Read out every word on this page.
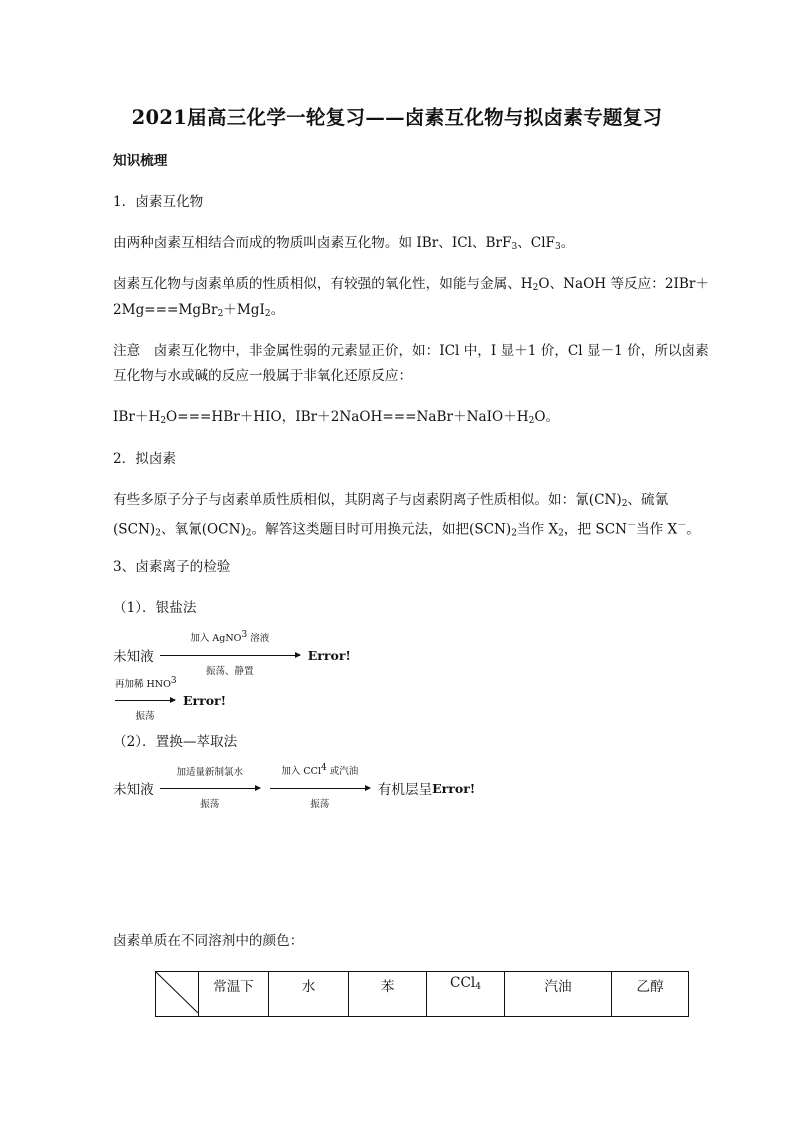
2021届高三化学一轮复习——卤素互化物与拟卤素专题复习
知识梳理
1．卤素互化物
由两种卤素互相结合而成的物质叫卤素互化物。如 IBr、ICl、BrF$_3$、ClF$_3$。
卤素互化物与卤素单质的性质相似，有较强的氧化性，如能与金属、$H_2O$、NaOH 等反应：2IBr＋
2Mg===MgBr$_2$＋MgI$_2$。
注意　卤素互化物中，非金属性弱的元素显正价，如：ICl 中，I 显＋1 价，Cl 显－1 价，所以卤素
互化物与水或碱的反应一般属于非氧化还原反应：
$IBr+H_2O===HBr+HIO$，$IBr+2NaOH===NaBr+NaIO+H_2O$。
2．拟卤素
有些多原子分子与卤素单质性质相似，其阴离子与卤素阴离子性质相似。如：氰$(CN)_2$、硫氰
$(SCN)_2$、氧氰$(OCN)_2$。解答这类题目时可用换元法，如把$(SCN)_2$当作 $X_2$，把 SCN－当作 X－。
3、卤素离子的检验
（1）．银盐法
未知液
加入 AgNO$^3$ 溶液
振荡、静置
Error!
再加稀 HNO$^3$
振荡
Error!
（2）．置换—萃取法
未知液
加适量新制氯水
振荡
加入 CCl$^4$ 或汽油
振荡
有机层呈 Error!
卤素单质在不同溶剂中的颜色：
	常温下	水	苯	CCl$_4$	汽油	乙醇
